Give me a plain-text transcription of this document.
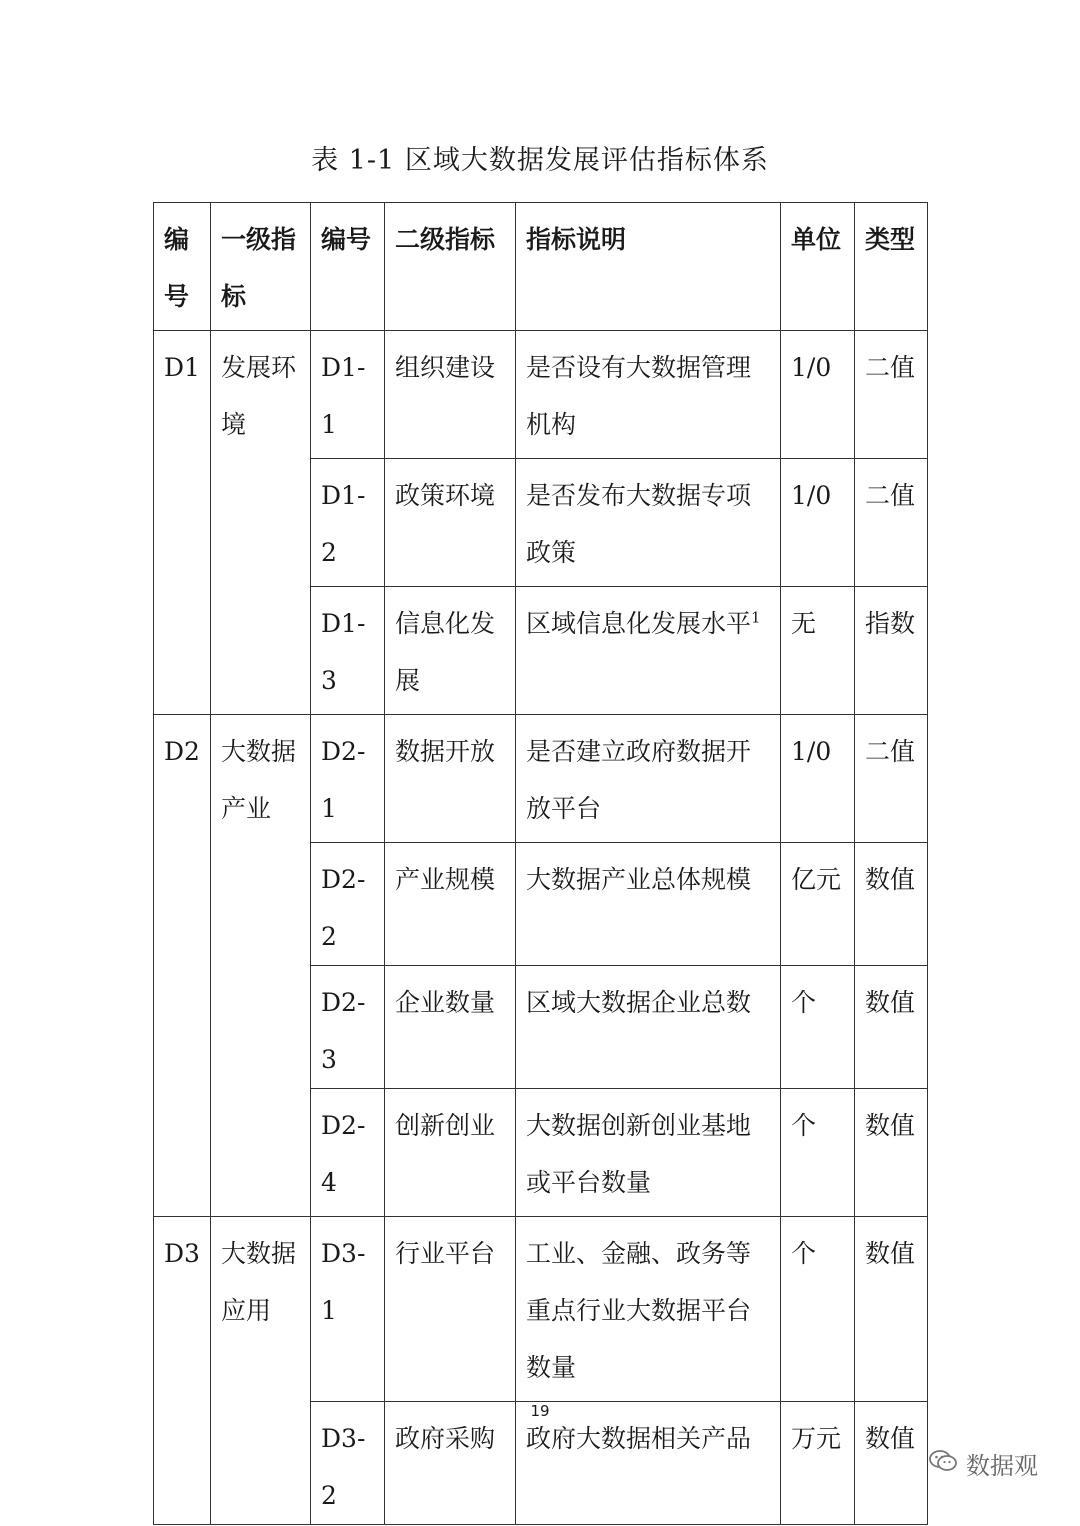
表 1-1 区域大数据发展评估指标体系
编号	一级指标	编号	二级指标	指标说明	单位	类型
D1	发展环境	D1-1	组织建设	是否设有大数据管理机构	1/0	二值
		D1-2	政策环境	是否发布大数据专项政策	1/0	二值
		D1-3	信息化发展	区域信息化发展水平$^1$	无	指数
D2	大数据产业	D2-1	数据开放	是否建立政府数据开放平台	1/0	二值
		D2-2	产业规模	大数据产业总体规模	亿元	数值
		D2-3	企业数量	区域大数据企业总数	个	数值
		D2-4	创新创业	大数据创新创业基地或平台数量	个	数值
D3	大数据应用	D3-1	行业平台	工业、金融、政务等重点行业大数据平台数量	个	数值
		D3-2	政府采购	政府大数据相关产品	万元	数值
19
数据观
